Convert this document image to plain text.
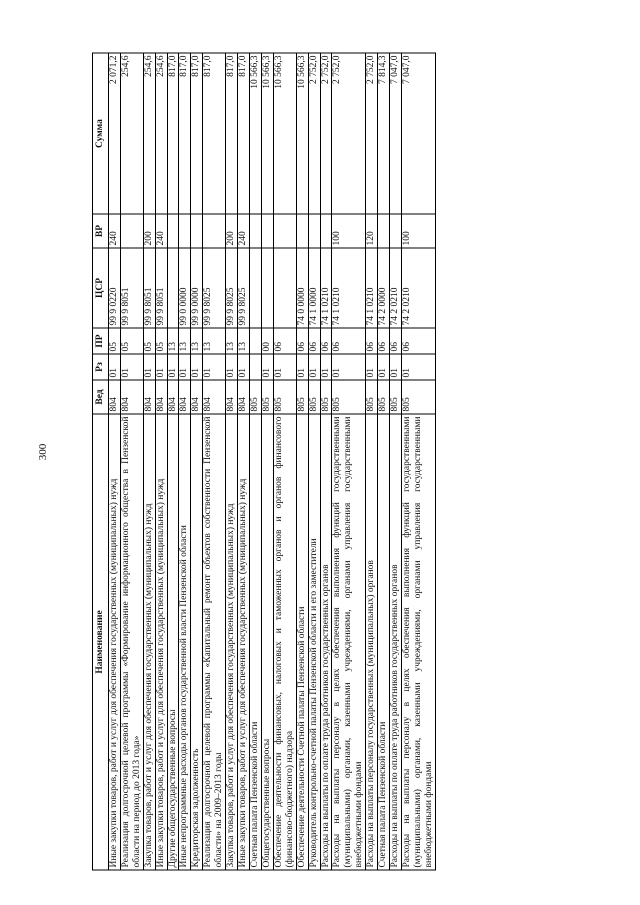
300
Наименование	Вед	Рз	ПР	ЦСР	ВР	Сумма
Иные закупки товаров, работ и услуг для обеспечения государственных (муниципальных) нужд	804	01	05	99 9 0220	240	2 071,2
Реализация долгосрочной целевой программы «Формирование информационного общества в Пензенской области на период до 2013 года»	804	01	05	99 9 8051		254,6
Закупка товаров, работ и услуг для обеспечения государственных (муниципальных) нужд	804	01	05	99 9 8051	200	254,6
Иные закупки товаров, работ и услуг для обеспечения государственных (муниципальных) нужд	804	01	05	99 9 8051	240	254,6
Другие общегосударственные вопросы	804	01	13			817,0
Иные непрограммные расходы органов государственной власти Пензенской области	804	01	13	99 0 0000		817,0
Кредиторская задолженность	804	01	13	99 9 0000		817,0
Реализация долгосрочной целевой программы «Капитальный ремонт объектов собственности Пензенской области» на 2009–2013 годы	804	01	13	99 9 8025		817,0
Закупка товаров, работ и услуг для обеспечения государственных (муниципальных) нужд	804	01	13	99 9 8025	200	817,0
Иные закупки товаров, работ и услуг для обеспечения государственных (муниципальных) нужд	804	01	13	99 9 8025	240	817,0
Счетная палата Пензенской области	805					10 566,3
Общегосударственные вопросы	805	01	00			10 566,3
Обеспечение деятельности финансовых, налоговых и таможенных органов и органов финансового (финансово-бюджетного) надзора	805	01	06			10 566,3
Обеспечение деятельности Счетной палаты Пензенской области	805	01	06	74 0 0000		10 566,3
Руководитель контрольно-счетной палаты Пензенской области и его заместители	805	01	06	74 1 0000		2 752,0
Расходы на выплаты по оплате труда работников государственных органов	805	01	06	74 1 0210		2 752,0
Расходы на выплаты персоналу в целях обеспечения выполнения функций государственными (муниципальными) органами, казенными учреждениями, органами управления государственными внебюджетными фондами	805	01	06	74 1 0210	100	2 752,0
Расходы на выплаты персоналу государственных (муниципальных) органов	805	01	06	74 1 0210	120	2 752,0
Счетная палата Пензенской области	805	01	06	74 2 0000		7 814,3
Расходы на выплаты по оплате труда работников государственных органов	805	01	06	74 2 0210		7 047,0
Расходы на выплаты персоналу в целях обеспечения выполнения функций государственными (муниципальными) органами, казенными учреждениями, органами управления государственными внебюджетными фондами	805	01	06	74 2 0210	100	7 047,0
